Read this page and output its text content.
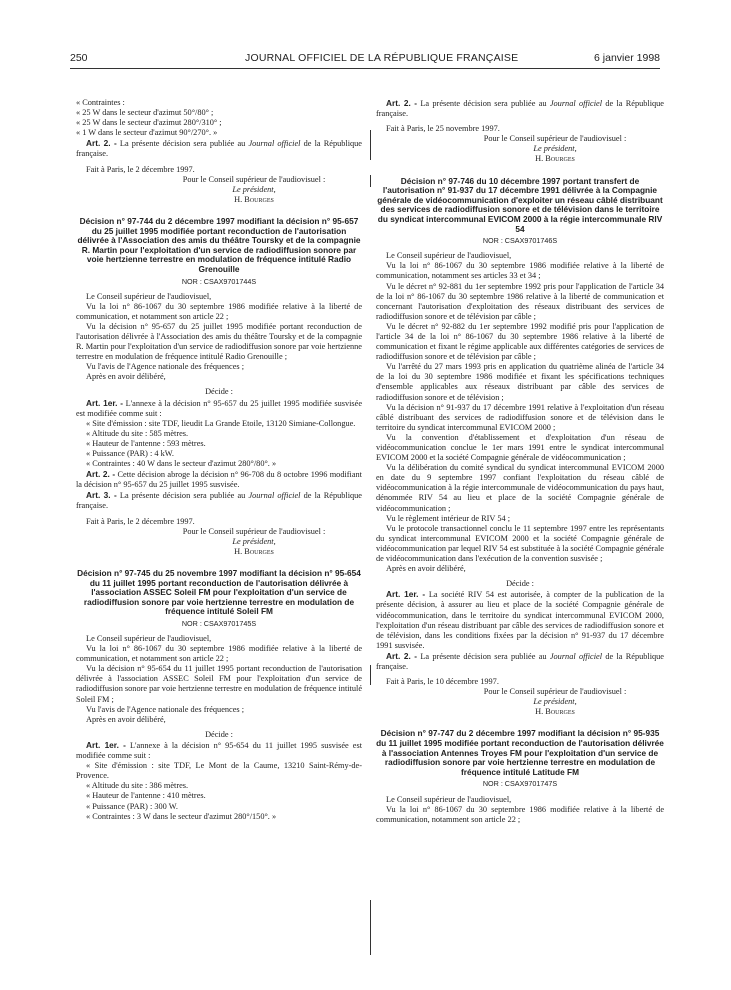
250	JOURNAL OFFICIEL DE LA RÉPUBLIQUE FRANÇAISE	6 janvier 1998

« Contraintes :

« 25 W dans le secteur d'azimut 50°/80° ;

« 25 W dans le secteur d'azimut 280°/310° ;

« 1 W dans le secteur d'azimut 90°/270°. »

Art. 2. - La présente décision sera publiée au Journal officiel de la République française.

Fait à Paris, le 2 décembre 1997.

Pour le Conseil supérieur de l'audiovisuel :

Le président,

H. Bourges

Décision n° 97-744 du 2 décembre 1997 modifiant la décision n° 95-657 du 25 juillet 1995 modifiée portant reconduction de l'autorisation délivrée à l'Association des amis du théâtre Toursky et de la compagnie R. Martin pour l'exploitation d'un service de radiodiffusion sonore par voie hertzienne terrestre en modulation de fréquence intitulé Radio Grenouille

NOR : CSAX9701744S

Le Conseil supérieur de l'audiovisuel,

Vu la loi n° 86-1067 du 30 septembre 1986 modifiée relative à la liberté de communication, et notamment son article 22 ;

Vu la décision n° 95-657 du 25 juillet 1995 modifiée portant reconduction de l'autorisation délivrée à l'Association des amis du théâtre Toursky et de la compagnie R. Martin pour l'exploitation d'un service de radiodiffusion sonore par voie hertzienne terrestre en modulation de fréquence intitulé Radio Grenouille ;

Vu l'avis de l'Agence nationale des fréquences ;

Après en avoir délibéré,

Décide :

Art. 1er. - L'annexe à la décision n° 95-657 du 25 juillet 1995 modifiée susvisée est modifiée comme suit :

« Site d'émission : site TDF, lieudit La Grande Etoile, 13120 Simiane-Collongue.

« Altitude du site : 585 mètres.

« Hauteur de l'antenne : 593 mètres.

« Puissance (PAR) : 4 kW.

« Contraintes : 40 W dans le secteur d'azimut 280°/80°. »

Art. 2. - Cette décision abroge la décision n° 96-708 du 8 octobre 1996 modifiant la décision n° 95-657 du 25 juillet 1995 susvisée.

Art. 3. - La présente décision sera publiée au Journal officiel de la République française.

Fait à Paris, le 2 décembre 1997.

Pour le Conseil supérieur de l'audiovisuel :

Le président,

H. Bourges

Décision n° 97-745 du 25 novembre 1997 modifiant la décision n° 95-654 du 11 juillet 1995 portant reconduction de l'autorisation délivrée à l'association ASSEC Soleil FM pour l'exploitation d'un service de radiodiffusion sonore par voie hertzienne terrestre en modulation de fréquence intitulé Soleil FM

NOR : CSAX9701745S

Le Conseil supérieur de l'audiovisuel,

Vu la loi n° 86-1067 du 30 septembre 1986 modifiée relative à la liberté de communication, et notamment son article 22 ;

Vu la décision n° 95-654 du 11 juillet 1995 portant reconduction de l'autorisation délivrée à l'association ASSEC Soleil FM pour l'exploitation d'un service de radiodiffusion sonore par voie hertzienne terrestre en modulation de fréquence intitulé Soleil FM ;

Vu l'avis de l'Agence nationale des fréquences ;

Après en avoir délibéré,

Décide :

Art. 1er. - L'annexe à la décision n° 95-654 du 11 juillet 1995 susvisée est modifiée comme suit :

« Site d'émission : site TDF, Le Mont de la Caume, 13210 Saint-Rémy-de-Provence.

« Altitude du site : 386 mètres.

« Hauteur de l'antenne : 410 mètres.

« Puissance (PAR) : 300 W.

« Contraintes : 3 W dans le secteur d'azimut 280°/150°. »

Art. 2. - La présente décision sera publiée au Journal officiel de la République française.

Fait à Paris, le 25 novembre 1997.

Pour le Conseil supérieur de l'audiovisuel :

Le président,

H. Bourges

Décision n° 97-746 du 10 décembre 1997 portant transfert de l'autorisation n° 91-937 du 17 décembre 1991 délivrée à la Compagnie générale de vidéocommunication d'exploiter un réseau câblé distribuant des services de radiodiffusion sonore et de télévision dans le territoire du syndicat intercommunal EVICOM 2000 à la régie intercommunale RIV 54

NOR : CSAX9701746S

Le Conseil supérieur de l'audiovisuel,

Vu la loi n° 86-1067 du 30 septembre 1986 modifiée relative à la liberté de communication, notamment ses articles 33 et 34 ;

Vu le décret n° 92-881 du 1er septembre 1992 pris pour l'application de l'article 34 de la loi n° 86-1067 du 30 septembre 1986 relative à la liberté de communication et concernant l'autorisation d'exploitation des réseaux distribuant des services de radiodiffusion sonore et de télévision par câble ;

Vu le décret n° 92-882 du 1er septembre 1992 modifié pris pour l'application de l'article 34 de la loi n° 86-1067 du 30 septembre 1986 relative à la liberté de communication et fixant le régime applicable aux différentes catégories de services de radiodiffusion sonore et de télévision par câble ;

Vu l'arrêté du 27 mars 1993 pris en application du quatrième alinéa de l'article 34 de la loi du 30 septembre 1986 modifiée et fixant les spécifications techniques d'ensemble applicables aux réseaux distribuant par câble des services de radiodiffusion sonore et de télévision ;

Vu la décision n° 91-937 du 17 décembre 1991 relative à l'exploitation d'un réseau câblé distribuant des services de radiodiffusion sonore et de télévision dans le territoire du syndicat intercommunal EVICOM 2000 ;

Vu la convention d'établissement et d'exploitation d'un réseau de vidéocommunication conclue le 1er mars 1991 entre le syndicat intercommunal EVICOM 2000 et la société Compagnie générale de vidéocommunication ;

Vu la délibération du comité syndical du syndicat intercommunal EVICOM 2000 en date du 9 septembre 1997 confiant l'exploitation du réseau câblé de vidéocommunication à la régie intercommunale de vidéocommunication du pays haut, dénommée RIV 54 au lieu et place de la société Compagnie générale de vidéocommunication ;

Vu le règlement intérieur de RIV 54 ;

Vu le protocole transactionnel conclu le 11 septembre 1997 entre les représentants du syndicat intercommunal EVICOM 2000 et la société Compagnie générale de vidéocommunication par lequel RIV 54 est substituée à la société Compagnie générale de vidéocommunication dans l'exécution de la convention susvisée ;

Après en avoir délibéré,

Décide :

Art. 1er. - La société RIV 54 est autorisée, à compter de la publication de la présente décision, à assurer au lieu et place de la société Compagnie générale de vidéocommunication, dans le territoire du syndicat intercommunal EVICOM 2000, l'exploitation d'un réseau distribuant par câble des services de radiodiffusion sonore et de télévision, dans les conditions fixées par la décision n° 91-937 du 17 décembre 1991 susvisée.

Art. 2. - La présente décision sera publiée au Journal officiel de la République française.

Fait à Paris, le 10 décembre 1997.

Pour le Conseil supérieur de l'audiovisuel :

Le président,

H. Bourges

Décision n° 97-747 du 2 décembre 1997 modifiant la décision n° 95-935 du 11 juillet 1995 modifiée portant reconduction de l'autorisation délivrée à l'association Antennes Troyes FM pour l'exploitation d'un service de radiodiffusion sonore par voie hertzienne terrestre en modulation de fréquence intitulé Latitude FM

NOR : CSAX9701747S

Le Conseil supérieur de l'audiovisuel,

Vu la loi n° 86-1067 du 30 septembre 1986 modifiée relative à la liberté de communication, notamment son article 22 ;
